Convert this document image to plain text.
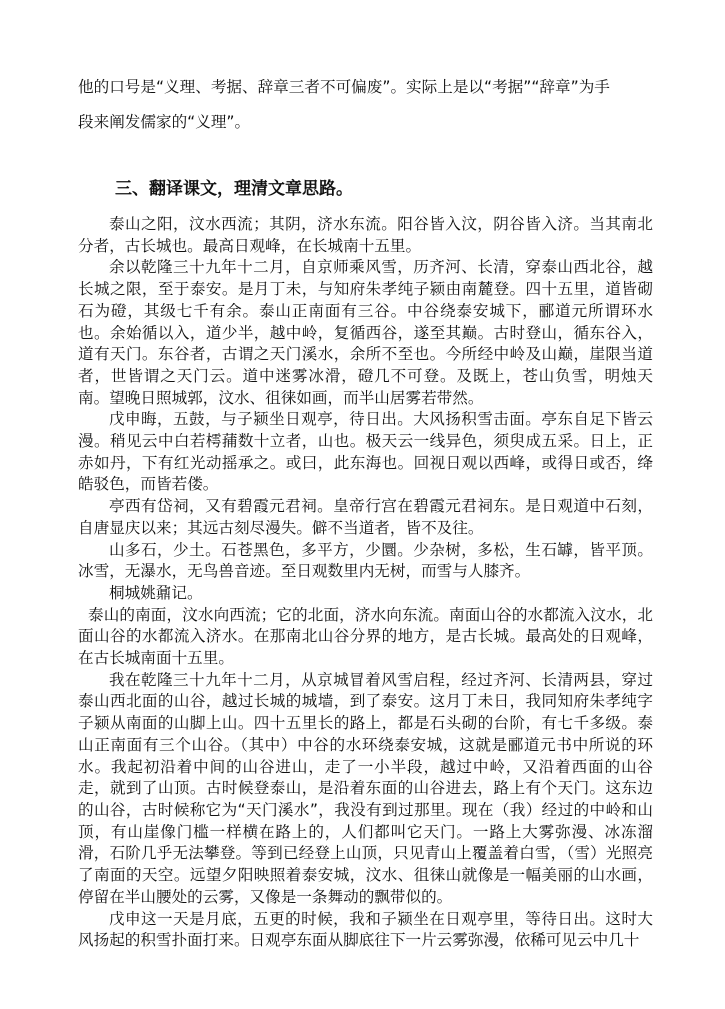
他的口号是“义理、考据、辞章三者不可偏废”。实际上是以“考据”“辞章”为手

段来阐发儒家的“义理”。

三、翻译课文，理清文章思路。

泰山之阳，汶水西流；其阴，济水东流。阳谷皆入汶，阴谷皆入济。当其南北分者，古长城也。最高日观峰，在长城南十五里。

余以乾隆三十九年十二月，自京师乘风雪，历齐河、长清，穿泰山西北谷，越长城之限，至于泰安。是月丁未，与知府朱孝纯子颍由南麓登。四十五里，道皆砌石为磴，其级七千有余。泰山正南面有三谷。中谷绕泰安城下，郦道元所谓环水也。余始循以入，道少半，越中岭，复循西谷，遂至其巅。古时登山，循东谷入，道有天门。东谷者，古谓之天门溪水，余所不至也。今所经中岭及山巅，崖限当道者，世皆谓之天门云。道中迷雾冰滑，磴几不可登。及既上，苍山负雪，明烛天南。望晚日照城郭，汶水、徂徕如画，而半山居雾若带然。

戊申晦，五鼓，与子颍坐日观亭，待日出。大风扬积雪击面。亭东自足下皆云漫。稍见云中白若樗蒱数十立者，山也。极天云一线异色，须臾成五采。日上，正赤如丹，下有红光动摇承之。或曰，此东海也。回视日观以西峰，或得日或否，绛皓驳色，而皆若偻。

亭西有岱祠，又有碧霞元君祠。皇帝行宫在碧霞元君祠东。是日观道中石刻，自唐显庆以来；其远古刻尽漫失。僻不当道者，皆不及往。

山多石，少土。石苍黑色，多平方，少圜。少杂树，多松，生石罅，皆平顶。冰雪，无瀑水，无鸟兽音迹。至日观数里内无树，而雪与人膝齐。

桐城姚鼐记。

泰山的南面，汶水向西流；它的北面，济水向东流。南面山谷的水都流入汶水，北面山谷的水都流入济水。在那南北山谷分界的地方，是古长城。最高处的日观峰，在古长城南面十五里。

我在乾隆三十九年十二月，从京城冒着风雪启程，经过齐河、长清两县，穿过泰山西北面的山谷，越过长城的城墙，到了泰安。这月丁未日，我同知府朱孝纯字子颍从南面的山脚上山。四十五里长的路上，都是石头砌的台阶，有七千多级。泰山正南面有三个山谷。（其中）中谷的水环绕泰安城，这就是郦道元书中所说的环水。我起初沿着中间的山谷进山，走了一小半段，越过中岭，又沿着西面的山谷走，就到了山顶。古时候登泰山，是沿着东面的山谷进去，路上有个天门。这东边的山谷，古时候称它为“天门溪水”，我没有到过那里。现在（我）经过的中岭和山顶，有山崖像门槛一样横在路上的，人们都叫它天门。一路上大雾弥漫、冰冻溜滑，石阶几乎无法攀登。等到已经登上山顶，只见青山上覆盖着白雪，（雪）光照亮了南面的天空。远望夕阳映照着泰安城，汶水、徂徕山就像是一幅美丽的山水画，停留在半山腰处的云雾，又像是一条舞动的飘带似的。

戊申这一天是月底，五更的时候，我和子颍坐在日观亭里，等待日出。这时大风扬起的积雪扑面打来。日观亭东面从脚底往下一片云雾弥漫，依稀可见云中几十
